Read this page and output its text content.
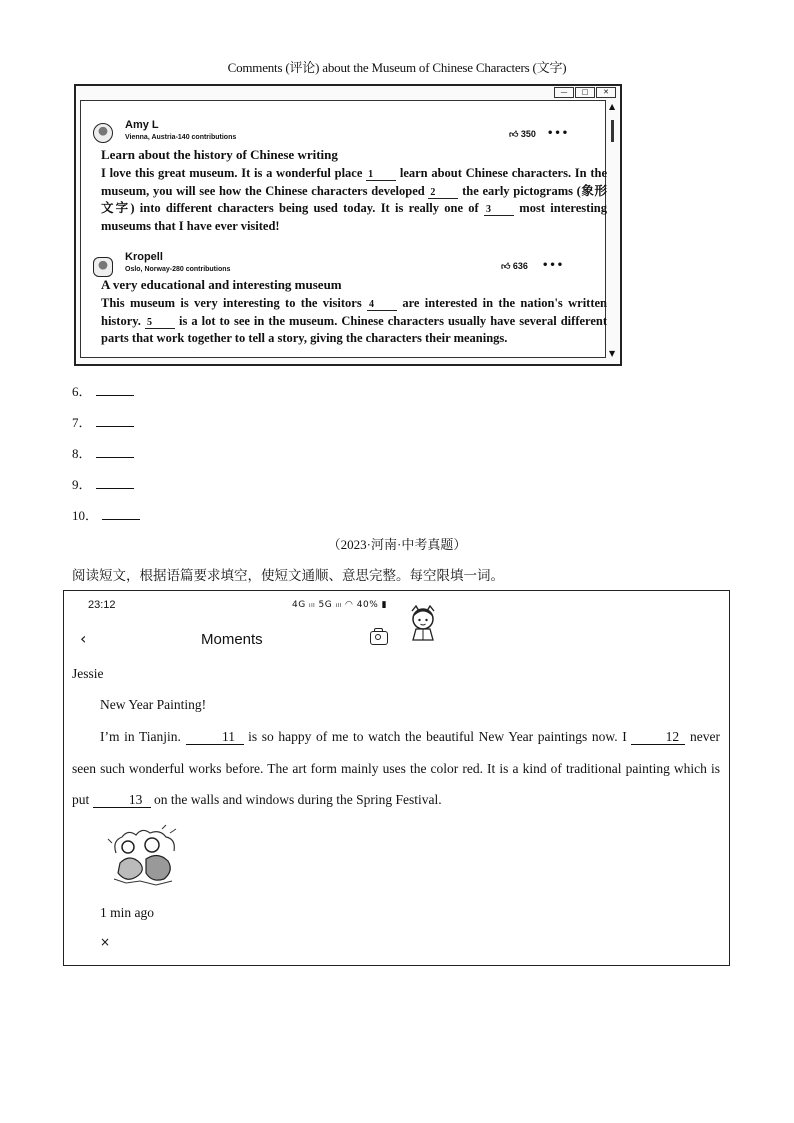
Comments (评论) about the Museum of Chinese Characters (文字)
—	□	✕
Amy L
Vienna, Austria-140 contributions	👍︎ 350 •••
Learn about the history of Chinese writing
I love this great museum. It is a wonderful place 1 learn about Chinese characters. In the museum, you will see how the Chinese characters developed 2 the early pictograms (象形文字) into different characters being used today. It is really one of 3 most interesting museums that I have ever visited!
Kropell
Oslo, Norway-280 contributions	👍︎ 636 •••
A very educational and interesting museum
This museum is very interesting to the visitors 4 are interested in the nation's written history. 5 is a lot to see in the museum. Chinese characters usually have several different parts that work together to tell a story, giving the characters their meanings.
▲
▼
6．
7．
8．
9．
10．
（2023·河南·中考真题）
阅读短文，根据语篇要求填空，使短文通顺、意思完整。每空限填一词。
23:12	4G ᵢₗₗ 5G ᵢₗₗ ◠ 40% ▮
‹	Moments
Jessie
New Year Painting!
I’m in Tianjin.	11 is so happy of me to watch the beautiful New Year paintings now. I	12 never seen such wonderful works before. The art form mainly uses the color red. It is a kind of traditional painting which is put	13 on the walls and windows during the Spring Festival.
1 min ago
×
